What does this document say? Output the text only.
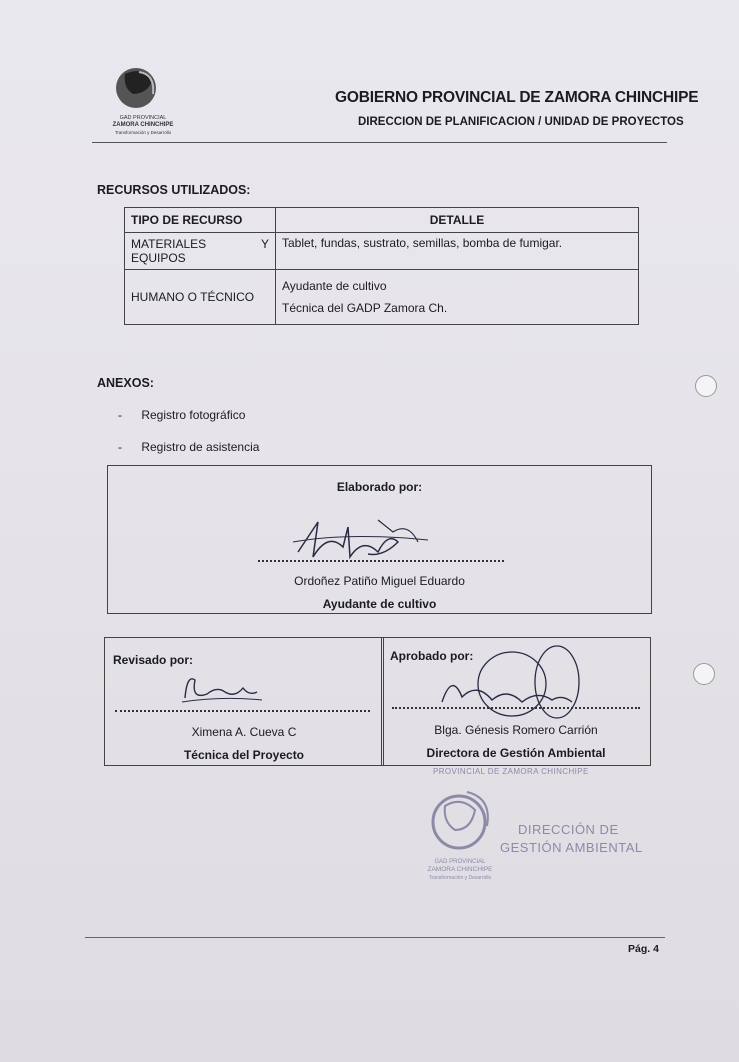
GAD PROVINCIAL
ZAMORA CHINCHIPE
Transformación y Desarrollo
GOBIERNO PROVINCIAL DE ZAMORA CHINCHIPE
DIRECCION DE PLANIFICACION / UNIDAD DE PROYECTOS
RECURSOS UTILIZADOS:
TIPO DE RECURSO	DETALLE
MATERIALES Y EQUIPOS	Tablet, fundas, sustrato, semillas, bomba de fumigar.
HUMANO O TÉCNICO	Ayudante de cultivo
Técnica del GADP Zamora Ch.
ANEXOS:
- Registro fotográfico
- Registro de asistencia
Elaborado por:
Ordoñez Patiño Miguel Eduardo
Ayudante de cultivo
Revisado por:
Ximena A. Cueva C
Técnica del Proyecto
Aprobado por:
Blga. Génesis Romero Carrión
Directora de Gestión Ambiental
PROVINCIAL DE ZAMORA CHINCHIPE
DIRECCIÓN DE
GESTIÓN AMBIENTAL
GAD PROVINCIAL
ZAMORA CHINCHIPE
Transformación y Desarrollo
Pág. 4
